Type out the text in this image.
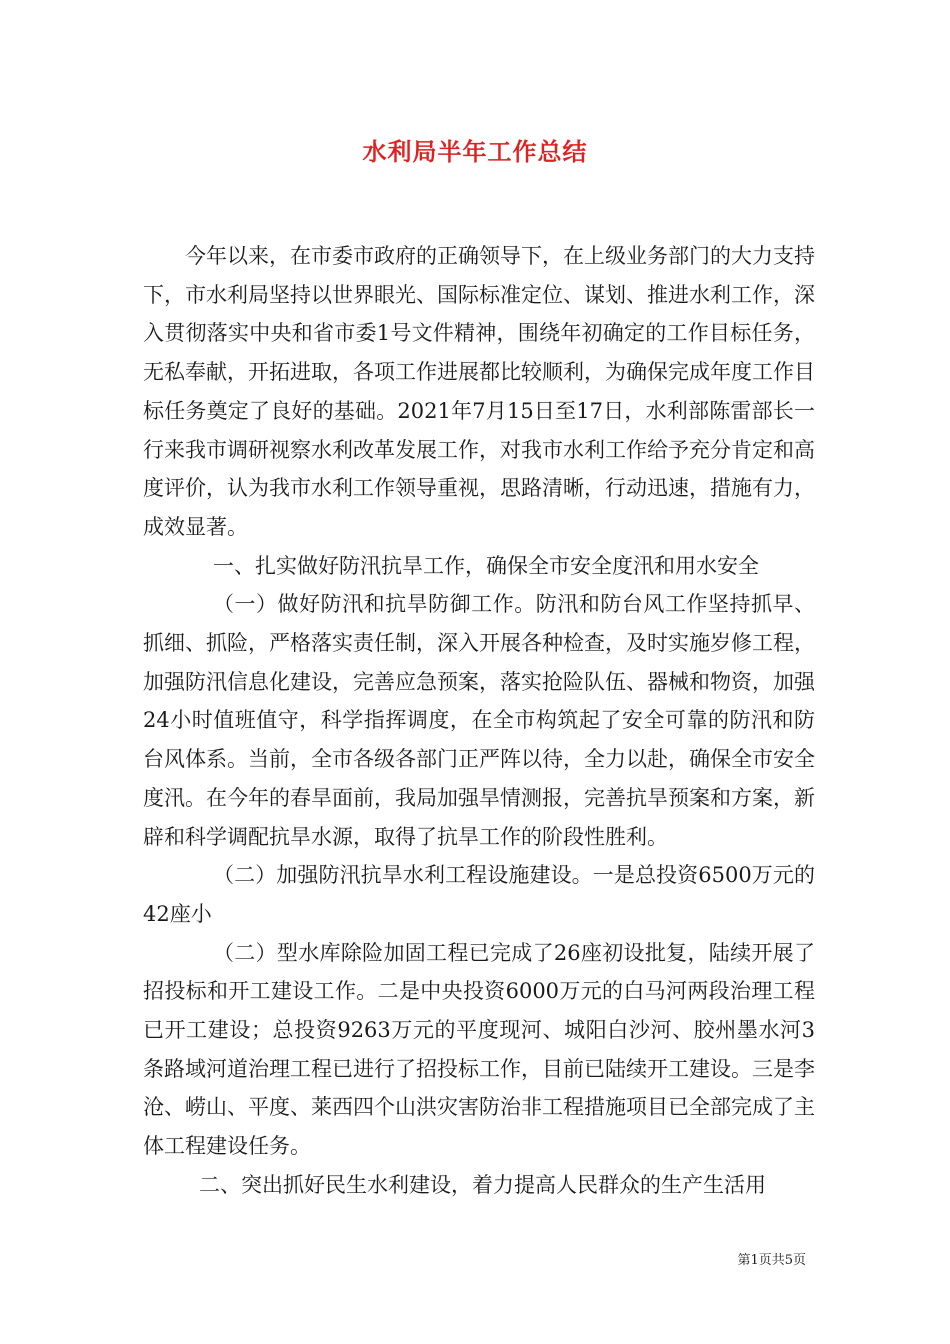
水利局半年工作总结

今年以来，在市委市政府的正确领导下，在上级业务部门的大力支持下，市水利局坚持以世界眼光、国际标准定位、谋划、推进水利工作，深入贯彻落实中央和省市委1号文件精神，围绕年初确定的工作目标任务，无私奉献，开拓进取，各项工作进展都比较顺利，为确保完成年度工作目标任务奠定了良好的基础。2021年7月15日至17日，水利部陈雷部长一行来我市调研视察水利改革发展工作，对我市水利工作给予充分肯定和高度评价，认为我市水利工作领导重视，思路清晰，行动迅速，措施有力，成效显著。

一、扎实做好防汛抗旱工作，确保全市安全度汛和用水安全

（一）做好防汛和抗旱防御工作。防汛和防台风工作坚持抓早、抓细、抓险，严格落实责任制，深入开展各种检查，及时实施岁修工程，加强防汛信息化建设，完善应急预案，落实抢险队伍、器械和物资，加强24小时值班值守，科学指挥调度，在全市构筑起了安全可靠的防汛和防台风体系。当前，全市各级各部门正严阵以待，全力以赴，确保全市安全度汛。在今年的春旱面前，我局加强旱情测报，完善抗旱预案和方案，新辟和科学调配抗旱水源，取得了抗旱工作的阶段性胜利。

（二）加强防汛抗旱水利工程设施建设。一是总投资6500万元的42座小

（二）型水库除险加固工程已完成了26座初设批复，陆续开展了招投标和开工建设工作。二是中央投资6000万元的白马河两段治理工程已开工建设；总投资9263万元的平度现河、城阳白沙河、胶州墨水河3条路域河道治理工程已进行了招投标工作，目前已陆续开工建设。三是李沧、崂山、平度、莱西四个山洪灾害防治非工程措施项目已全部完成了主体工程建设任务。

二、突出抓好民生水利建设，着力提高人民群众的生产生活用

第1页共5页
